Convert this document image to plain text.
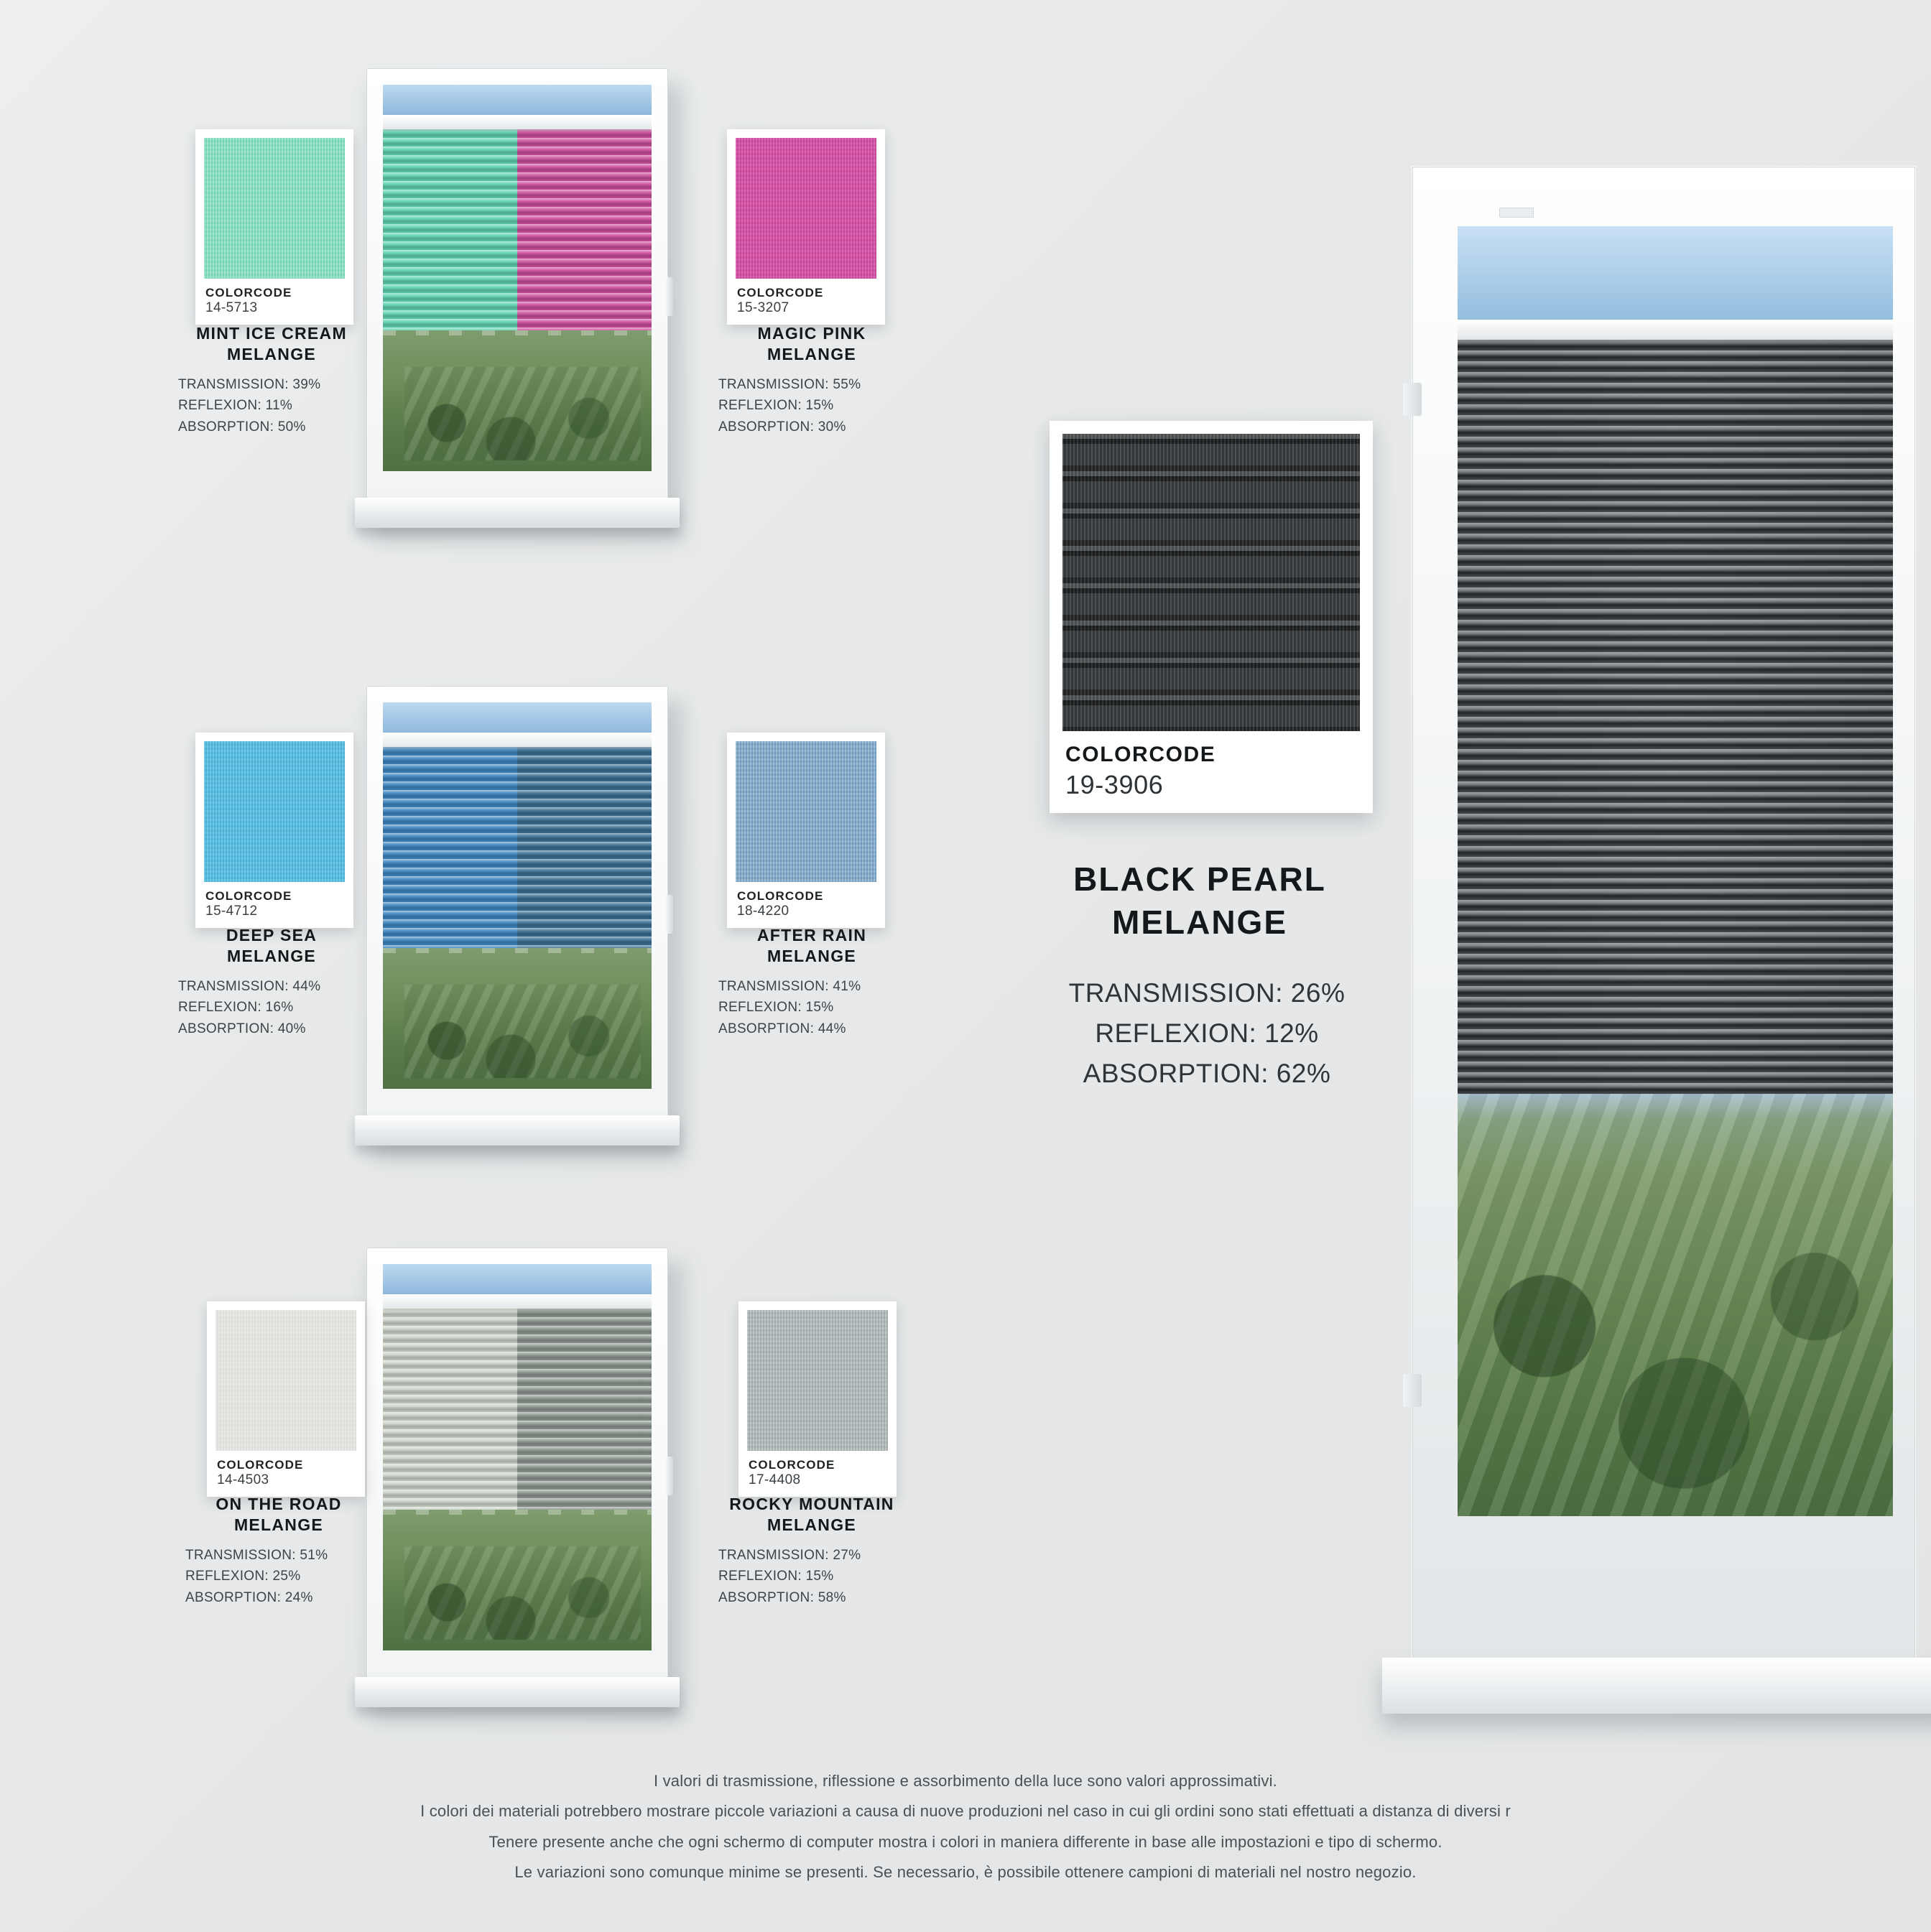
COLORCODE
14-5713
MINT ICE CREAM
MELANGE
TRANSMISSION: 39%
REFLEXION: 11%
ABSORPTION: 50%
COLORCODE
15-3207
MAGIC PINK
MELANGE
TRANSMISSION: 55%
REFLEXION: 15%
ABSORPTION: 30%
COLORCODE
15-4712
DEEP SEA
MELANGE
TRANSMISSION: 44%
REFLEXION: 16%
ABSORPTION: 40%
COLORCODE
18-4220
AFTER RAIN
MELANGE
TRANSMISSION: 41%
REFLEXION: 15%
ABSORPTION: 44%
COLORCODE
14-4503
ON THE ROAD
MELANGE
TRANSMISSION: 51%
REFLEXION: 25%
ABSORPTION: 24%
COLORCODE
17-4408
ROCKY MOUNTAIN
MELANGE
TRANSMISSION: 27%
REFLEXION: 15%
ABSORPTION: 58%
COLORCODE
19-3906
BLACK PEARL
MELANGE
TRANSMISSION: 26%
REFLEXION: 12%
ABSORPTION: 62%
I valori di trasmissione, riflessione e assorbimento della luce sono valori approssimativi.
I colori dei materiali potrebbero mostrare piccole variazioni a causa di nuove produzioni nel caso in cui gli ordini sono stati effettuati a distanza di diversi r
Tenere presente anche che ogni schermo di computer mostra i colori in maniera differente in base alle impostazioni e tipo di schermo.
Le variazioni sono comunque minime se presenti. Se necessario, è possibile ottenere campioni di materiali nel nostro negozio.
